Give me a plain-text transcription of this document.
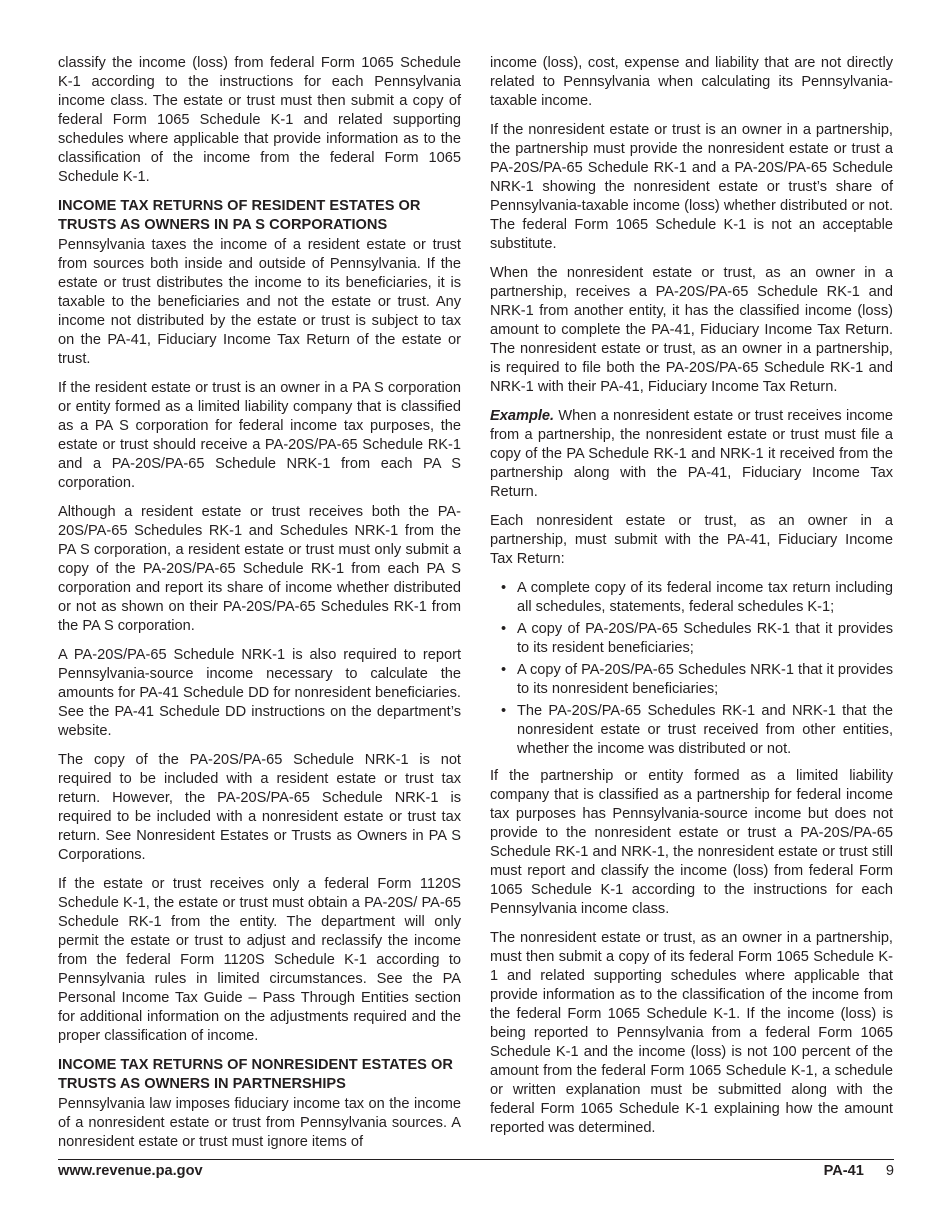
classify the income (loss) from federal Form 1065 Schedule K-1 according to the instructions for each Pennsylvania income class. The estate or trust must then submit a copy of federal Form 1065 Schedule K-1 and related supporting schedules where applicable that provide information as to the classification of the income from the federal Form 1065 Schedule K-1.

INCOME TAX RETURNS OF RESIDENT ESTATES OR TRUSTS AS OWNERS IN PA S CORPORATIONS

Pennsylvania taxes the income of a resident estate or trust from sources both inside and outside of Pennsylvania. If the estate or trust distributes the income to its beneficiaries, it is taxable to the beneficiaries and not the estate or trust. Any income not distributed by the estate or trust is subject to tax on the PA-41, Fiduciary Income Tax Return of the estate or trust.

If the resident estate or trust is an owner in a PA S corporation or entity formed as a limited liability company that is classified as a PA S corporation for federal income tax purposes, the estate or trust should receive a PA-20S/PA-65 Schedule RK-1 and a PA-20S/PA-65 Schedule NRK-1 from each PA S corporation.

Although a resident estate or trust receives both the PA-20S/PA-65 Schedules RK-1 and Schedules NRK-1 from the PA S corporation, a resident estate or trust must only submit a copy of the PA-20S/PA-65 Schedule RK-1 from each PA S corporation and report its share of income whether distributed or not as shown on their PA-20S/PA-65 Schedules RK-1 from the PA S corporation.

A PA-20S/PA-65 Schedule NRK-1 is also required to report Pennsylvania-source income necessary to calculate the amounts for PA-41 Schedule DD for nonresident beneficiaries. See the PA-41 Schedule DD instructions on the department’s website.

The copy of the PA-20S/PA-65 Schedule NRK-1 is not required to be included with a resident estate or trust tax return. However, the PA-20S/PA-65 Schedule NRK-1 is required to be included with a nonresident estate or trust tax return. See Nonresident Estates or Trusts as Owners in PA S Corporations.

If the estate or trust receives only a federal Form 1120S Schedule K-1, the estate or trust must obtain a PA-20S/ PA-65 Schedule RK-1 from the entity. The department will only permit the estate or trust to adjust and reclassify the income from the federal Form 1120S Schedule K-1 according to Pennsylvania rules in limited circumstances. See the PA Personal Income Tax Guide – Pass Through Entities section for additional information on the adjustments required and the proper classification of income.

INCOME TAX RETURNS OF NONRESIDENT ESTATES OR TRUSTS AS OWNERS IN PARTNERSHIPS

Pennsylvania law imposes fiduciary income tax on the income of a nonresident estate or trust from Pennsylvania sources. A nonresident estate or trust must ignore items of

income (loss), cost, expense and liability that are not directly related to Pennsylvania when calculating its Pennsylvania-taxable income.

If the nonresident estate or trust is an owner in a partnership, the partnership must provide the nonresident estate or trust a PA-20S/PA-65 Schedule RK-1 and a PA-20S/PA-65 Schedule NRK-1 showing the nonresident estate or trust’s share of Pennsylvania-taxable income (loss) whether distributed or not. The federal Form 1065 Schedule K-1 is not an acceptable substitute.

When the nonresident estate or trust, as an owner in a partnership, receives a PA-20S/PA-65 Schedule RK-1 and NRK-1 from another entity, it has the classified income (loss) amount to complete the PA-41, Fiduciary Income Tax Return. The nonresident estate or trust, as an owner in a partnership, is required to file both the PA-20S/PA-65 Schedule RK-1 and NRK-1 with their PA-41, Fiduciary Income Tax Return.

Example. When a nonresident estate or trust receives income from a partnership, the nonresident estate or trust must file a copy of the PA Schedule RK-1 and NRK-1 it received from the partnership along with the PA-41, Fiduciary Income Tax Return.

Each nonresident estate or trust, as an owner in a partnership, must submit with the PA-41, Fiduciary Income Tax Return:

• A complete copy of its federal income tax return including all schedules, statements, federal schedules K-1;
• A copy of PA-20S/PA-65 Schedules RK-1 that it provides to its resident beneficiaries;
• A copy of PA-20S/PA-65 Schedules NRK-1 that it provides to its nonresident beneficiaries;
• The PA-20S/PA-65 Schedules RK-1 and NRK-1 that the nonresident estate or trust received from other entities, whether the income was distributed or not.

If the partnership or entity formed as a limited liability company that is classified as a partnership for federal income tax purposes has Pennsylvania-source income but does not provide to the nonresident estate or trust a PA-20S/PA-65 Schedule RK-1 and NRK-1, the nonresident estate or trust still must report and classify the income (loss) from federal Form 1065 Schedule K-1 according to the instructions for each Pennsylvania income class.

The nonresident estate or trust, as an owner in a partnership, must then submit a copy of its federal Form 1065 Schedule K-1 and related supporting schedules where applicable that provide information as to the classification of the income from the federal Form 1065 Schedule K-1. If the income (loss) is being reported to Pennsylvania from a federal Form 1065 Schedule K-1 and the income (loss) is not 100 percent of the amount from the federal Form 1065 Schedule K-1, a schedule or written explanation must be submitted along with the federal Form 1065 Schedule K-1 explaining how the amount reported was determined.

www.revenue.pa.gov	PA-41 9
